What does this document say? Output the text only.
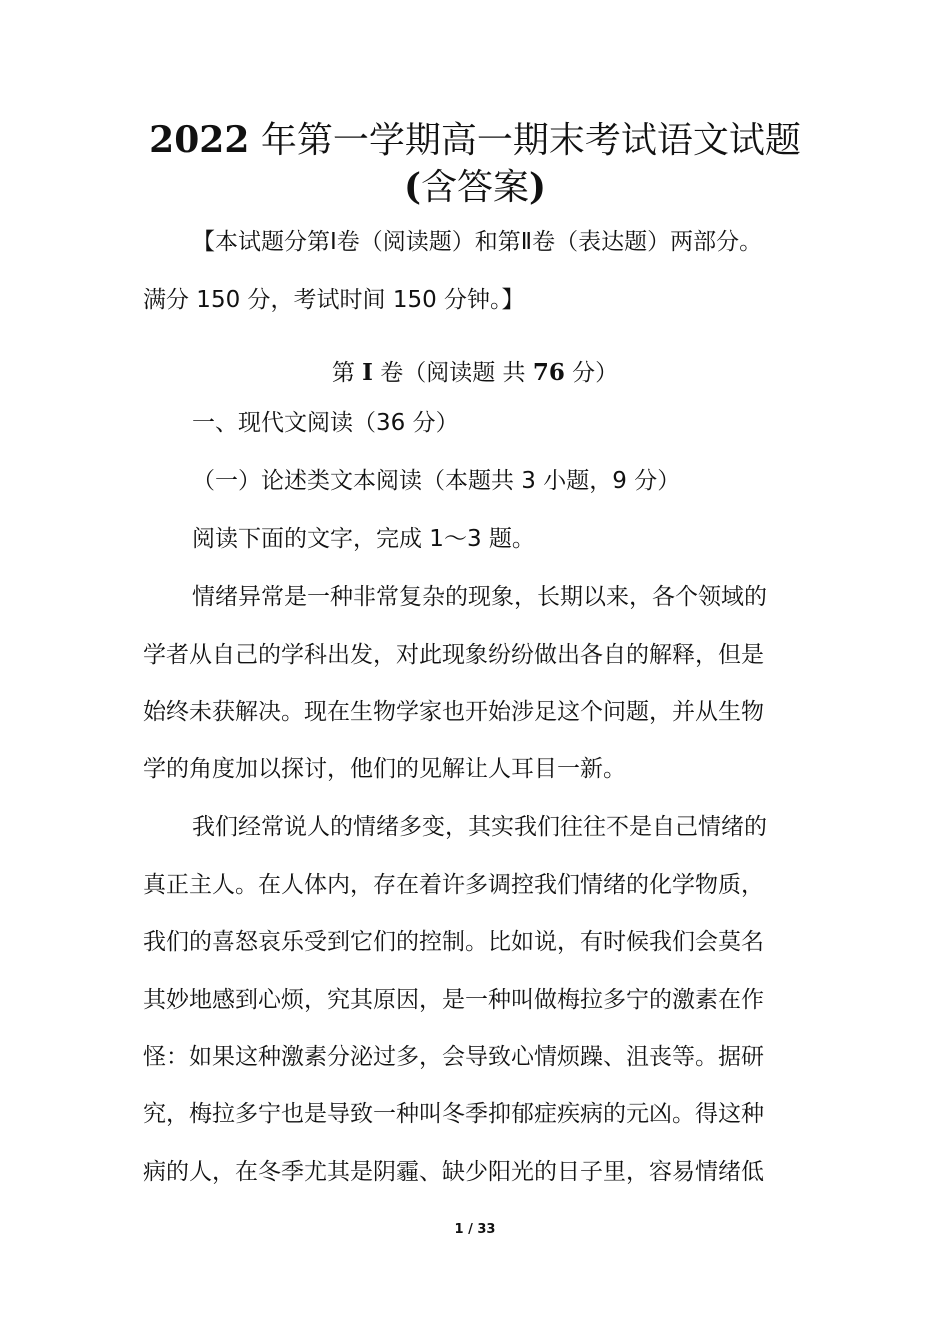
2022 年第一学期高一期末考试语文试题
(含答案)
【本试题分第Ⅰ卷（阅读题）和第Ⅱ卷（表达题）两部分。
满分 150 分，考试时间 150 分钟。】
第 I 卷（阅读题 共 76 分）
一、现代文阅读（36 分）
（一）论述类文本阅读（本题共 3 小题，9 分）
阅读下面的文字，完成 1～3 题。
情绪异常是一种非常复杂的现象，长期以来，各个领域的
学者从自己的学科出发，对此现象纷纷做出各自的解释，但是
始终未获解决。现在生物学家也开始涉足这个问题，并从生物
学的角度加以探讨，他们的见解让人耳目一新。
我们经常说人的情绪多变，其实我们往往不是自己情绪的
真正主人。在人体内，存在着许多调控我们情绪的化学物质，
我们的喜怒哀乐受到它们的控制。比如说，有时候我们会莫名
其妙地感到心烦，究其原因，是一种叫做梅拉多宁的激素在作
怪：如果这种激素分泌过多，会导致心情烦躁、沮丧等。据研
究，梅拉多宁也是导致一种叫冬季抑郁症疾病的元凶。得这种
病的人，在冬季尤其是阴霾、缺少阳光的日子里，容易情绪低
1 / 33
